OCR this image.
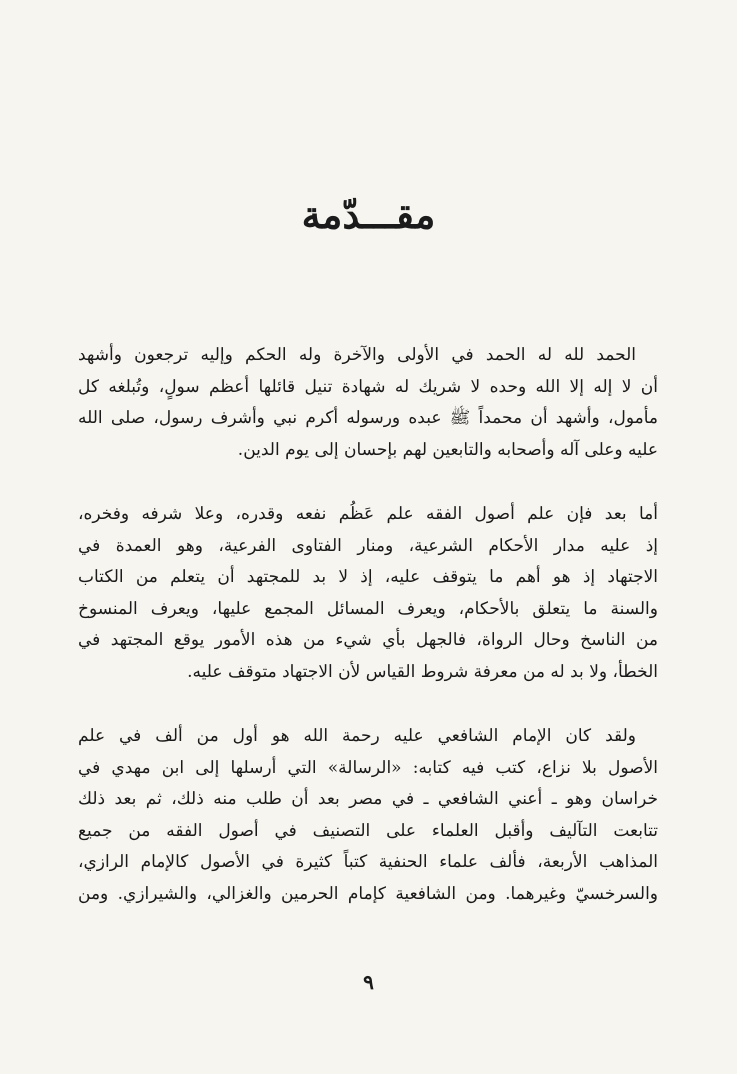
مقـــدّمة
الحمد لله له الحمد في الأولى والآخرة وله الحكم وإليه ترجعون وأشهد
أن لا إله إلا الله وحده لا شريك له شهادة تنيل قائلها أعظم سولٍ، وتُبلغه كل
مأمول، وأشهد أن محمداً ﷺ عبده ورسوله أكرم نبي وأشرف رسول، صلى الله
عليه وعلى آله وأصحابه والتابعين لهم بإحسان إلى يوم الدين.
أما بعد فإن علم أصول الفقه علم عَظُم نفعه وقدره، وعلا شرفه وفخره،
إذ عليه مدار الأحكام الشرعية، ومنار الفتاوى الفرعية، وهو العمدة في
الاجتهاد إذ هو أهم ما يتوقف عليه، إذ لا بد للمجتهد أن يتعلم من الكتاب
والسنة ما يتعلق بالأحكام، ويعرف المسائل المجمع عليها، ويعرف المنسوخ
من الناسخ وحال الرواة، فالجهل بأي شيء من هذه الأمور يوقع المجتهد في
الخطأ، ولا بد له من معرفة شروط القياس لأن الاجتهاد متوقف عليه.
ولقد كان الإمام الشافعي عليه رحمة الله هو أول من ألف في علم
الأصول بلا نزاع، كتب فيه كتابه: «الرسالة» التي أرسلها إلى ابن مهدي في
خراسان وهو ـ أعني الشافعي ـ في مصر بعد أن طلب منه ذلك، ثم بعد ذلك
تتابعت التآليف وأقبل العلماء على التصنيف في أصول الفقه من جميع
المذاهب الأربعة، فألف علماء الحنفية كتباً كثيرة في الأصول كالإمام الرازي،
والسرخسيّ وغيرهما. ومن الشافعية كإمام الحرمين والغزالي، والشيرازي. ومن
٩
